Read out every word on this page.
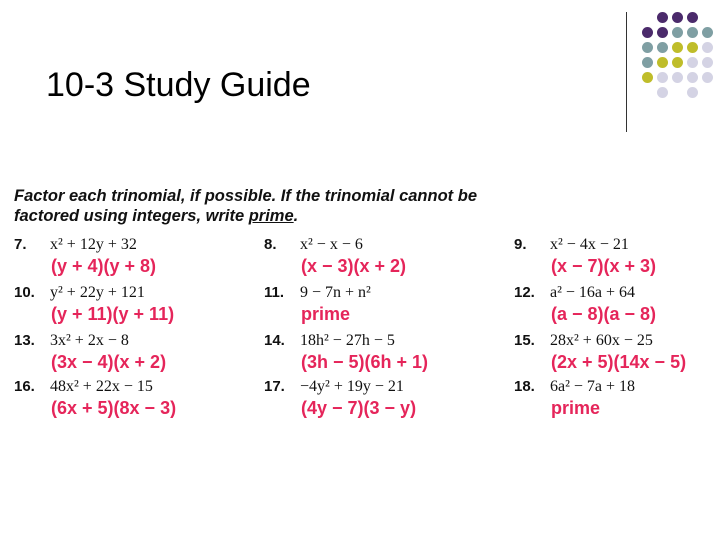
10-3 Study Guide
Factor each trinomial, if possible. If the trinomial cannot be
factored using integers, write prime.
7. x² + 12y + 32
(y + 4)(y + 8)
8. x² − x − 6
(x − 3)(x + 2)
9. x² − 4x − 21
(x − 7)(x + 3)
10. y² + 22y + 121
(y + 11)(y + 11)
11. 9 − 7n + n²
prime
12. a² − 16a + 64
(a − 8)(a − 8)
13. 3x² + 2x − 8
(3x − 4)(x + 2)
14. 18h² − 27h − 5
(3h − 5)(6h + 1)
15. 28x² + 60x − 25
(2x + 5)(14x − 5)
16. 48x² + 22x − 15
(6x + 5)(8x − 3)
17. −4y² + 19y − 21
(4y − 7)(3 − y)
18. 6a² − 7a + 18
prime
